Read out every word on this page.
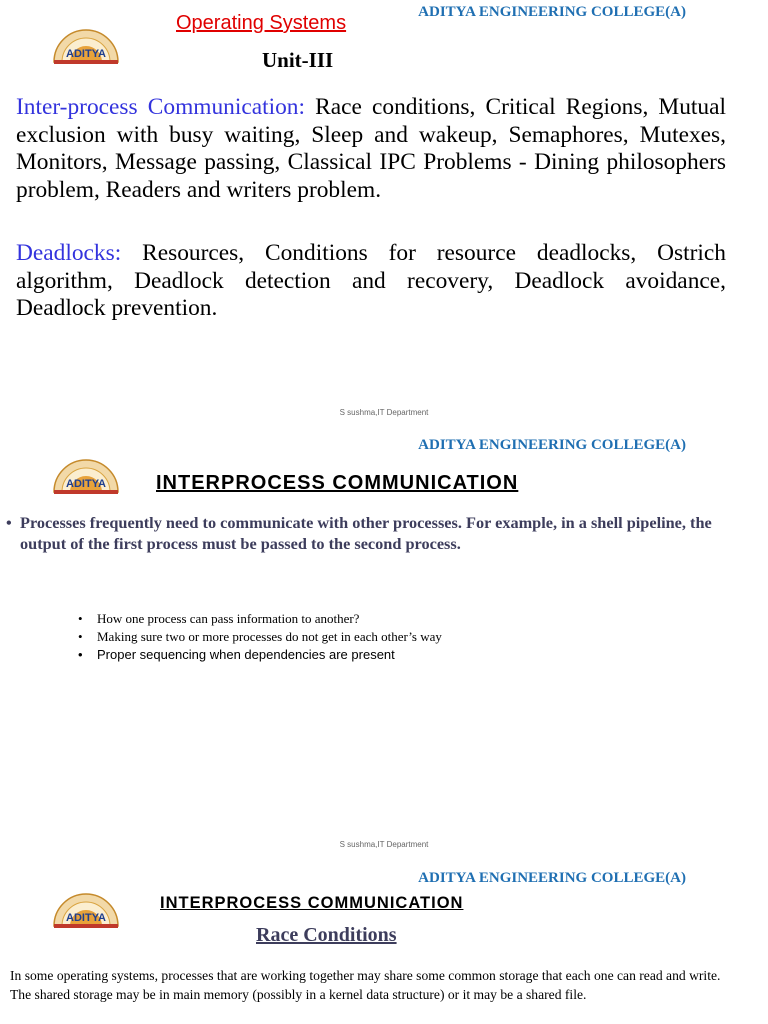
ADITYA
ADITYA ENGINEERING COLLEGE(A)
Operating Systems
Unit-III
Inter-process Communication: Race conditions, Critical Regions, Mutual exclusion with busy waiting, Sleep and wakeup, Semaphores, Mutexes, Monitors, Message passing, Classical IPC Problems - Dining philosophers problem, Readers and writers problem.
Deadlocks: Resources, Conditions for resource deadlocks, Ostrich algorithm, Deadlock detection and recovery, Deadlock avoidance, Deadlock prevention.
S sushma,IT Department
ADITYA ENGINEERING COLLEGE(A)
ADITYA	INTERPROCESS COMMUNICATION
• Processes frequently need to communicate with other processes. For example, in a shell pipeline, the output of the first process must be passed to the second process.
• How one process can pass information to another?
• Making sure two or more processes do not get in each other’s way
• Proper sequencing when dependencies are present
S sushma,IT Department
ADITYA ENGINEERING COLLEGE(A)
ADITYA
INTERPROCESS COMMUNICATION
Race Conditions
In some operating systems, processes that are working together may share some common storage that each one can read and write. The shared storage may be in main memory (possibly in a kernel data structure) or it may be a shared file.
